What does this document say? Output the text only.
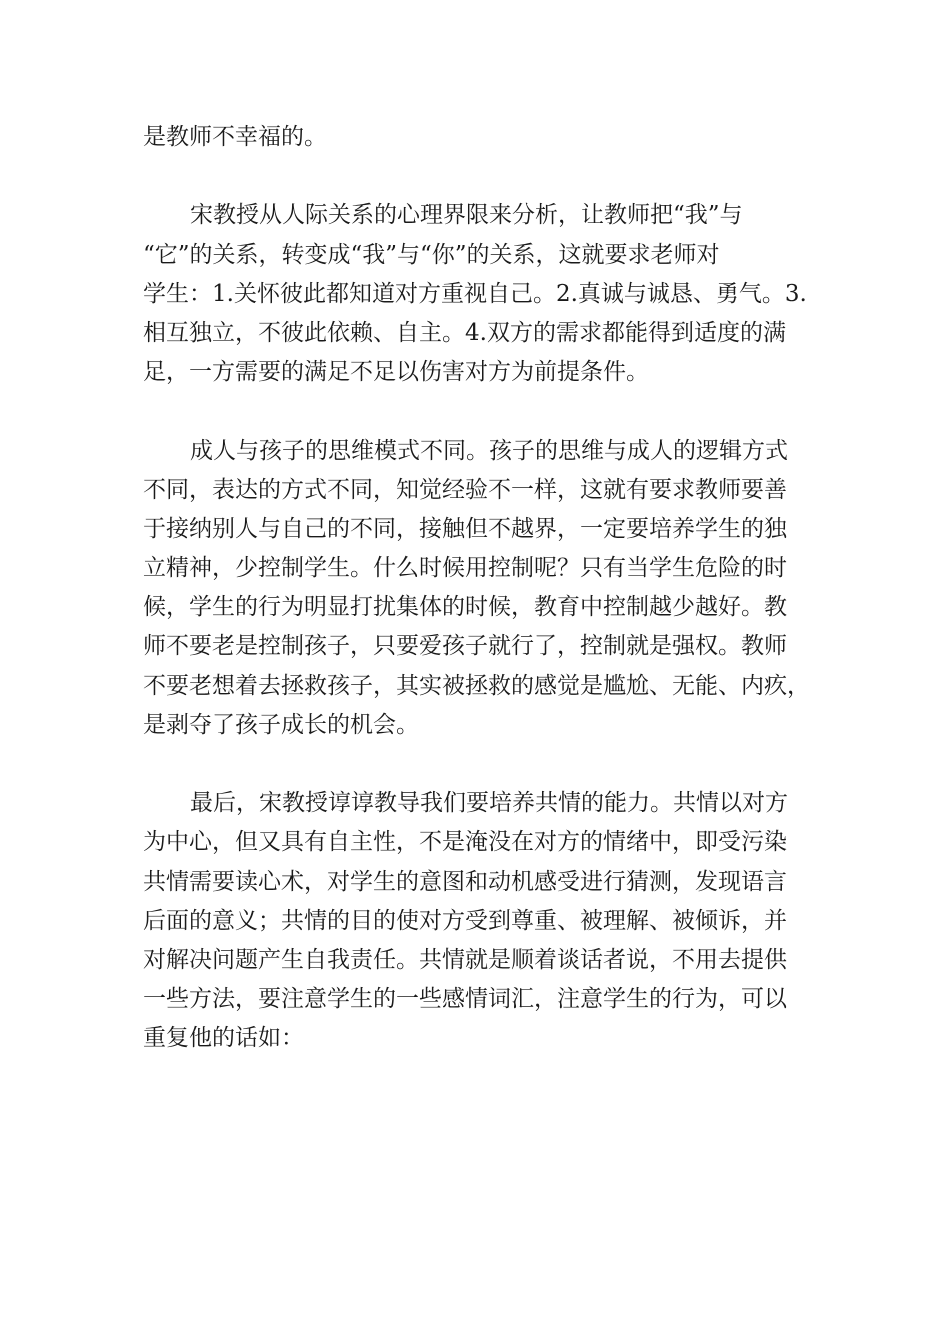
是教师不幸福的。
宋教授从人际关系的心理界限来分析，让教师把“我”与
“它”的关系，转变成“我”与“你”的关系，这就要求老师对
学生：1.关怀彼此都知道对方重视自己。2.真诚与诚恳、勇气。3.
相互独立，不彼此依赖、自主。4.双方的需求都能得到适度的满
足，一方需要的满足不足以伤害对方为前提条件。
成人与孩子的思维模式不同。孩子的思维与成人的逻辑方式
不同，表达的方式不同，知觉经验不一样，这就有要求教师要善
于接纳别人与自己的不同，接触但不越界，一定要培养学生的独
立精神，少控制学生。什么时候用控制呢？只有当学生危险的时
候，学生的行为明显打扰集体的时候，教育中控制越少越好。教
师不要老是控制孩子，只要爱孩子就行了，控制就是强权。教师
不要老想着去拯救孩子，其实被拯救的感觉是尴尬、无能、内疚，
是剥夺了孩子成长的机会。
最后，宋教授谆谆教导我们要培养共情的能力。共情以对方
为中心，但又具有自主性，不是淹没在对方的情绪中，即受污染
共情需要读心术，对学生的意图和动机感受进行猜测，发现语言
后面的意义；共情的目的使对方受到尊重、被理解、被倾诉，并
对解决问题产生自我责任。共情就是顺着谈话者说，不用去提供
一些方法，要注意学生的一些感情词汇，注意学生的行为，可以
重复他的话如：
